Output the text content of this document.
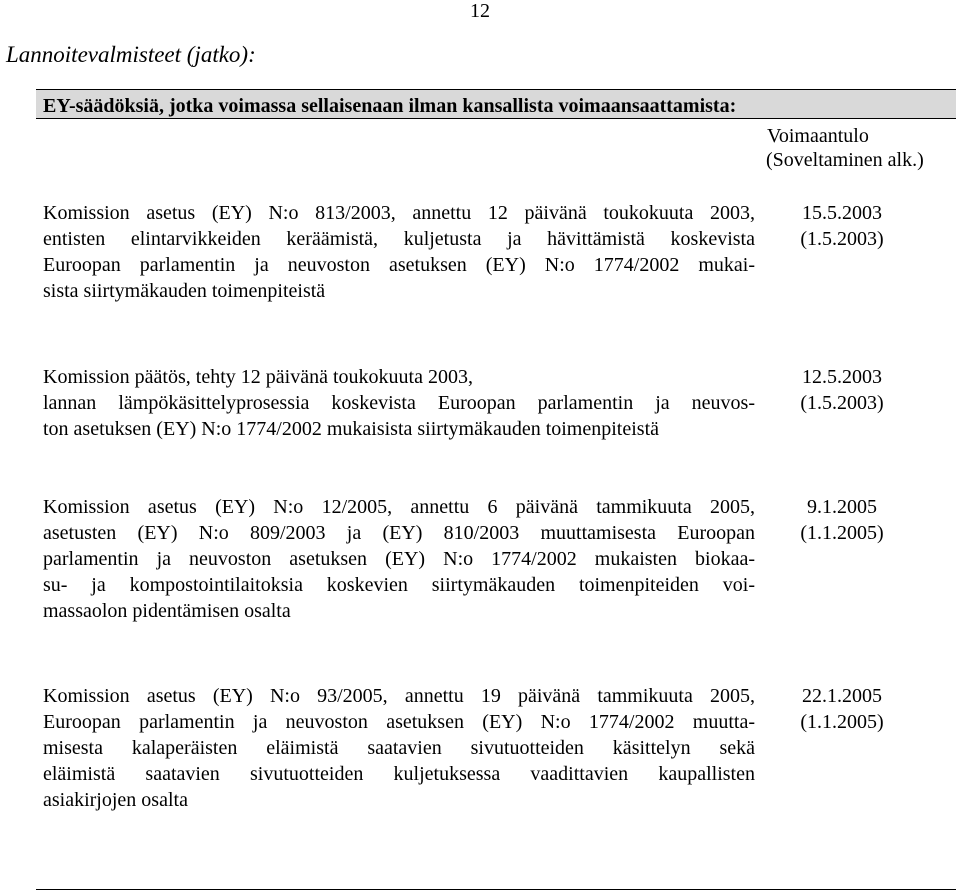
12
Lannoitevalmisteet (jatko):
EY-säädöksiä, jotka voimassa sellaisenaan ilman kansallista voimaansaattamista:
Voimaantulo
(Soveltaminen alk.)
Komission asetus (EY) N:o 813/2003, annettu 12 päivänä toukokuuta 2003,
entisten elintarvikkeiden keräämistä, kuljetusta ja hävittämistä koskevista
Euroopan parlamentin ja neuvoston asetuksen (EY) N:o 1774/2002 mukai-
sista siirtymäkauden toimenpiteistä
15.5.2003
(1.5.2003)
Komission päätös, tehty 12 päivänä toukokuuta 2003,
lannan lämpökäsittelyprosessia koskevista Euroopan parlamentin ja neuvos-
ton asetuksen (EY) N:o 1774/2002 mukaisista siirtymäkauden toimenpiteistä
12.5.2003
(1.5.2003)
Komission asetus (EY) N:o 12/2005, annettu 6 päivänä tammikuuta 2005,
asetusten (EY) N:o 809/2003 ja (EY) 810/2003 muuttamisesta Euroopan
parlamentin ja neuvoston asetuksen (EY) N:o 1774/2002 mukaisten biokaa-
su- ja kompostointilaitoksia koskevien siirtymäkauden toimenpiteiden voi-
massaolon pidentämisen osalta
9.1.2005
(1.1.2005)
Komission asetus (EY) N:o 93/2005, annettu 19 päivänä tammikuuta 2005,
Euroopan parlamentin ja neuvoston asetuksen (EY) N:o 1774/2002 muutta-
misesta kalaperäisten eläimistä saatavien sivutuotteiden käsittelyn sekä
eläimistä saatavien sivutuotteiden kuljetuksessa vaadittavien kaupallisten
asiakirjojen osalta
22.1.2005
(1.1.2005)
